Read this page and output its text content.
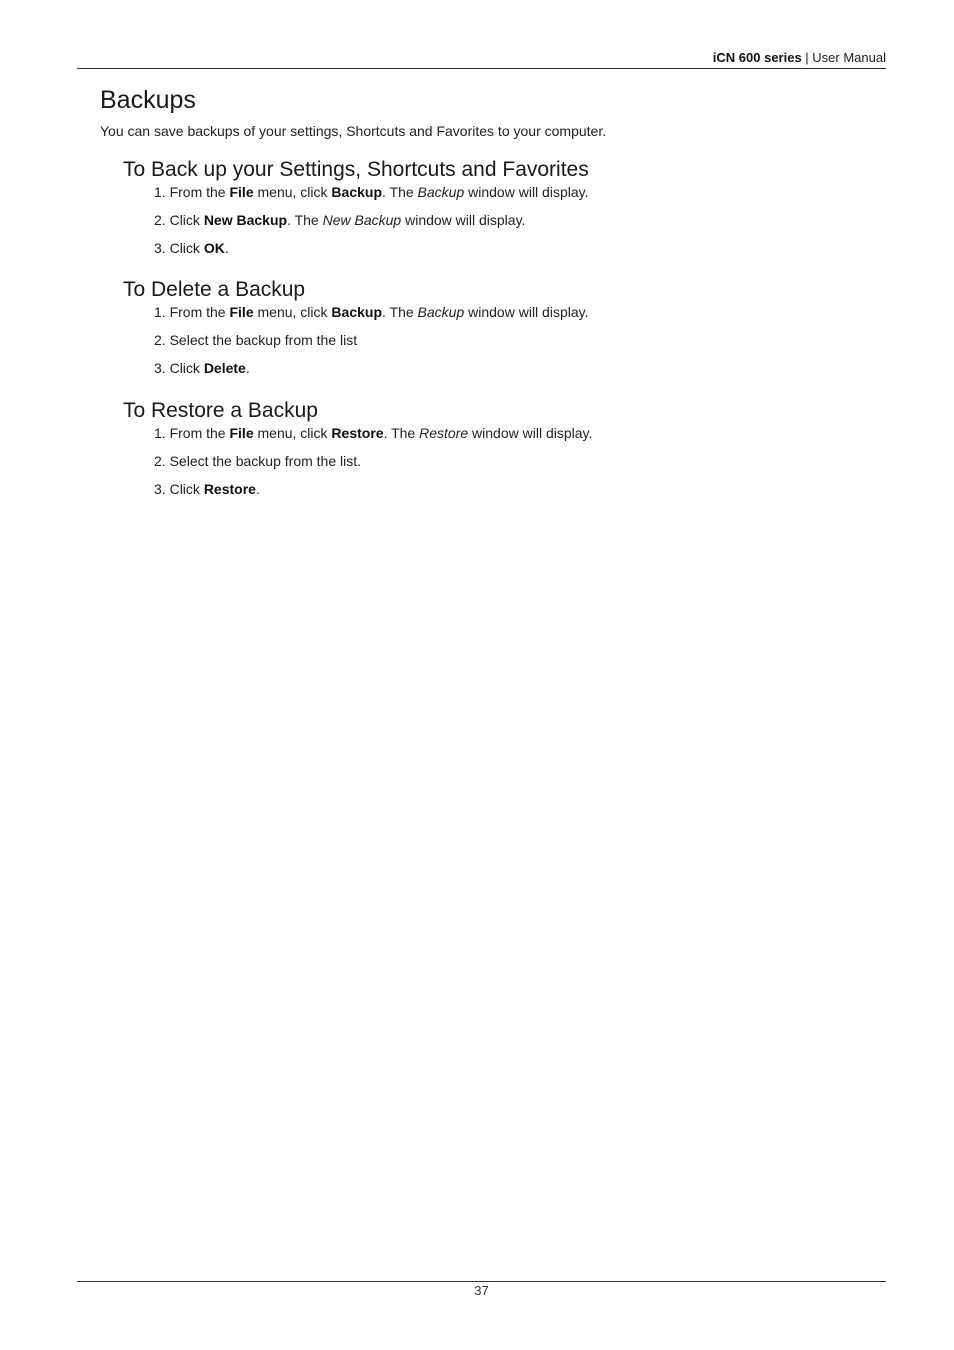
iCN 600 series | User Manual
Backups

You can save backups of your settings, Shortcuts and Favorites to your computer.

To Back up your Settings, Shortcuts and Favorites
1. From the File menu, click Backup. The Backup window will display.
2. Click New Backup. The New Backup window will display.
3. Click OK.
To Delete a Backup
1. From the File menu, click Backup. The Backup window will display.
2. Select the backup from the list
3. Click Delete.
To Restore a Backup
1. From the File menu, click Restore. The Restore window will display.
2. Select the backup from the list.
3. Click Restore.
37
